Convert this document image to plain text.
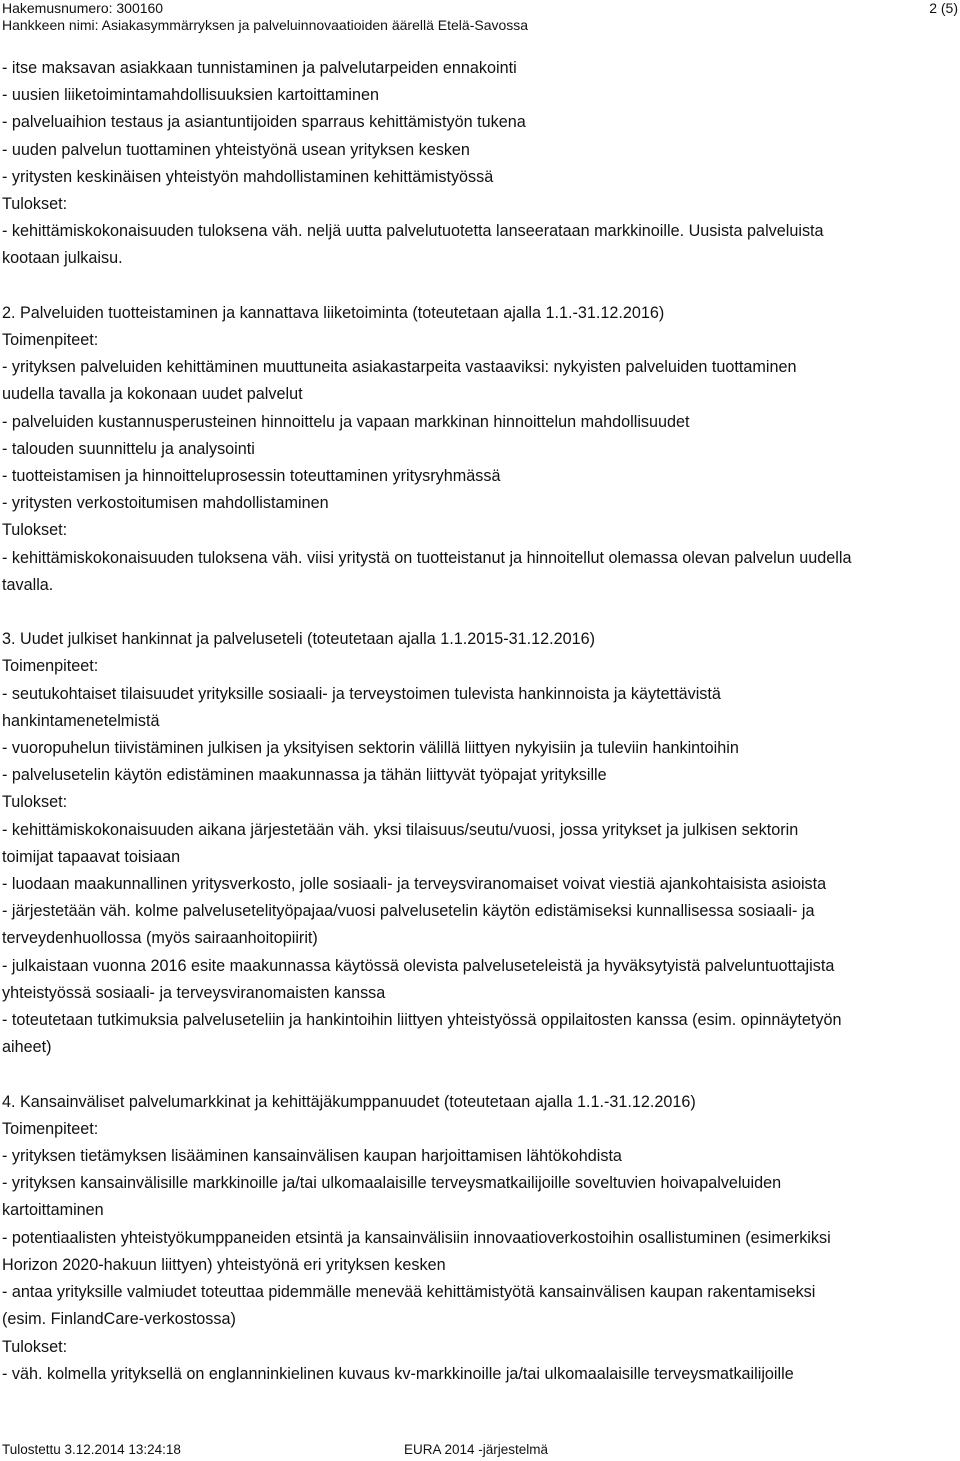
Hakemusnumero: 300160
Hankkeen nimi: Asiakasymmärryksen ja palveluinnovaatioiden äärellä Etelä-Savossa
2 (5)

- itse maksavan asiakkaan tunnistaminen ja palvelutarpeiden ennakointi

- uusien liiketoimintamahdollisuuksien kartoittaminen

- palveluaihion testaus ja asiantuntijoiden sparraus kehittämistyön tukena

- uuden palvelun tuottaminen yhteistyönä usean yrityksen kesken

- yritysten keskinäisen yhteistyön mahdollistaminen kehittämistyössä

Tulokset:

- kehittämiskokonaisuuden tuloksena väh. neljä uutta palvelutuotetta lanseerataan markkinoille. Uusista palveluista

kootaan julkaisu.

2. Palveluiden tuotteistaminen ja kannattava liiketoiminta (toteutetaan ajalla 1.1.-31.12.2016)

Toimenpiteet:

- yrityksen palveluiden kehittäminen muuttuneita asiakastarpeita vastaaviksi: nykyisten palveluiden tuottaminen

uudella tavalla ja kokonaan uudet palvelut

- palveluiden kustannusperusteinen hinnoittelu ja vapaan markkinan hinnoittelun mahdollisuudet

- talouden suunnittelu ja analysointi

- tuotteistamisen ja hinnoitteluprosessin toteuttaminen yritysryhmässä

- yritysten verkostoitumisen mahdollistaminen

Tulokset:

- kehittämiskokonaisuuden tuloksena väh. viisi yritystä on tuotteistanut ja hinnoitellut olemassa olevan palvelun uudella

tavalla.

3. Uudet julkiset hankinnat ja palveluseteli (toteutetaan ajalla 1.1.2015-31.12.2016)

Toimenpiteet:

- seutukohtaiset tilaisuudet yrityksille sosiaali- ja terveystoimen tulevista hankinnoista ja käytettävistä

hankintamenetelmistä

- vuoropuhelun tiivistäminen julkisen ja yksityisen sektorin välillä liittyen nykyisiin ja tuleviin hankintoihin

- palvelusetelin käytön edistäminen maakunnassa ja tähän liittyvät työpajat yrityksille

Tulokset:

- kehittämiskokonaisuuden aikana järjestetään väh. yksi tilaisuus/seutu/vuosi, jossa yritykset ja julkisen sektorin

toimijat tapaavat toisiaan

- luodaan maakunnallinen yritysverkosto, jolle sosiaali- ja terveysviranomaiset voivat viestiä ajankohtaisista asioista

- järjestetään väh. kolme palvelusetelityöpajaa/vuosi palvelusetelin käytön edistämiseksi kunnallisessa sosiaali- ja

terveydenhuollossa (myös sairaanhoitopiirit)

- julkaistaan vuonna 2016 esite maakunnassa käytössä olevista palveluseteleistä ja hyväksytyistä palveluntuottajista

yhteistyössä sosiaali- ja terveysviranomaisten kanssa

- toteutetaan tutkimuksia palveluseteliin ja hankintoihin liittyen yhteistyössä oppilaitosten kanssa (esim. opinnäytetyön

aiheet)

4. Kansainväliset palvelumarkkinat ja kehittäjäkumppanuudet (toteutetaan ajalla 1.1.-31.12.2016)

Toimenpiteet:

- yrityksen tietämyksen lisääminen kansainvälisen kaupan harjoittamisen lähtökohdista

- yrityksen kansainvälisille markkinoille ja/tai ulkomaalaisille terveysmatkailijoille soveltuvien hoivapalveluiden

kartoittaminen

- potentiaalisten yhteistyökumppaneiden etsintä ja kansainvälisiin innovaatioverkostoihin osallistuminen (esimerkiksi

Horizon 2020-hakuun liittyen) yhteistyönä eri yrityksen kesken

- antaa yrityksille valmiudet toteuttaa pidemmälle menevää kehittämistyötä kansainvälisen kaupan rakentamiseksi

(esim. FinlandCare-verkostossa)

Tulokset:

- väh. kolmella yrityksellä on englanninkielinen kuvaus kv-markkinoille ja/tai ulkomaalaisille terveysmatkailijoille

Tulostettu 3.12.2014 13:24:18	EURA 2014 -järjestelmä
